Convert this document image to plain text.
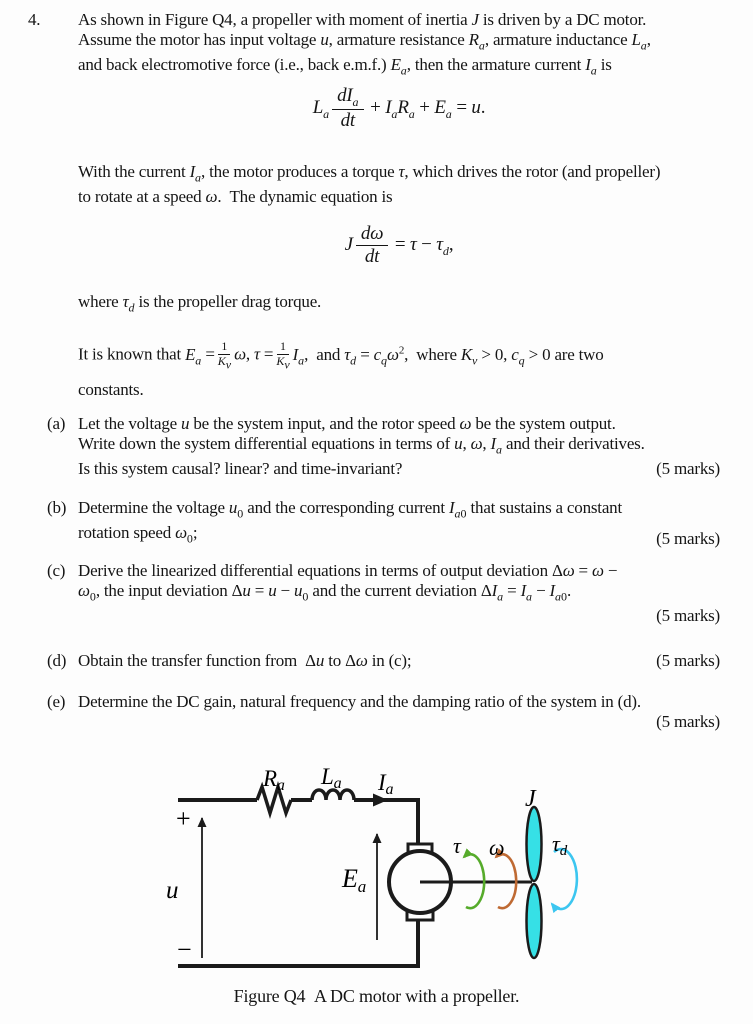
4. As shown in Figure Q4, a propeller with moment of inertia J is driven by a DC motor.
Assume the motor has input voltage u, armature resistance $R_a$, armature inductance $L_a$,
and back electromotive force (i.e., back e.m.f.) $E_a$, then the armature current $I_a$ is
$L_a \frac{dI_a}{dt} + I_aR_a + E_a = u$.
With the current $I_a$, the motor produces a torque τ, which drives the rotor (and propeller)
to rotate at a speed ω.  The dynamic equation is
J $\frac{d\omega}{dt} = \tau - \tau_d$,
where $\tau_d$ is the propeller drag torque.
It is known that $E_a = \frac{1}{K_v} \omega$, $\tau = \frac{1}{K_v} I_a$,  and $\tau_d = c_q\omega^2$,  where $K_v > 0$, $c_q > 0$ are two
constants.
(a) Let the voltage u be the system input, and the rotor speed ω be the system output.
Write down the system differential equations in terms of u, ω, $I_a$ and their derivatives.
Is this system causal? linear? and time-invariant?	(5 marks)
(b) Determine the voltage $u_0$ and the corresponding current $I_{a0}$ that sustains a constant
rotation speed $\omega_0$;	(5 marks)
(c) Derive the linearized differential equations in terms of output deviation Δω = ω −
$\omega_0$, the input deviation $\Delta u = u - u_0$ and the current deviation $\Delta I_a = I_a - I_{a0}$.
(5 marks)
(d) Obtain the transfer function from  Δu to Δω in (c);	(5 marks)
(e) Determine the DC gain, natural frequency and the damping ratio of the system in (d).
(5 marks)
Ra La Ia
+
u
−
Ea
τ ω
J
τd
Figure Q4  A DC motor with a propeller.
